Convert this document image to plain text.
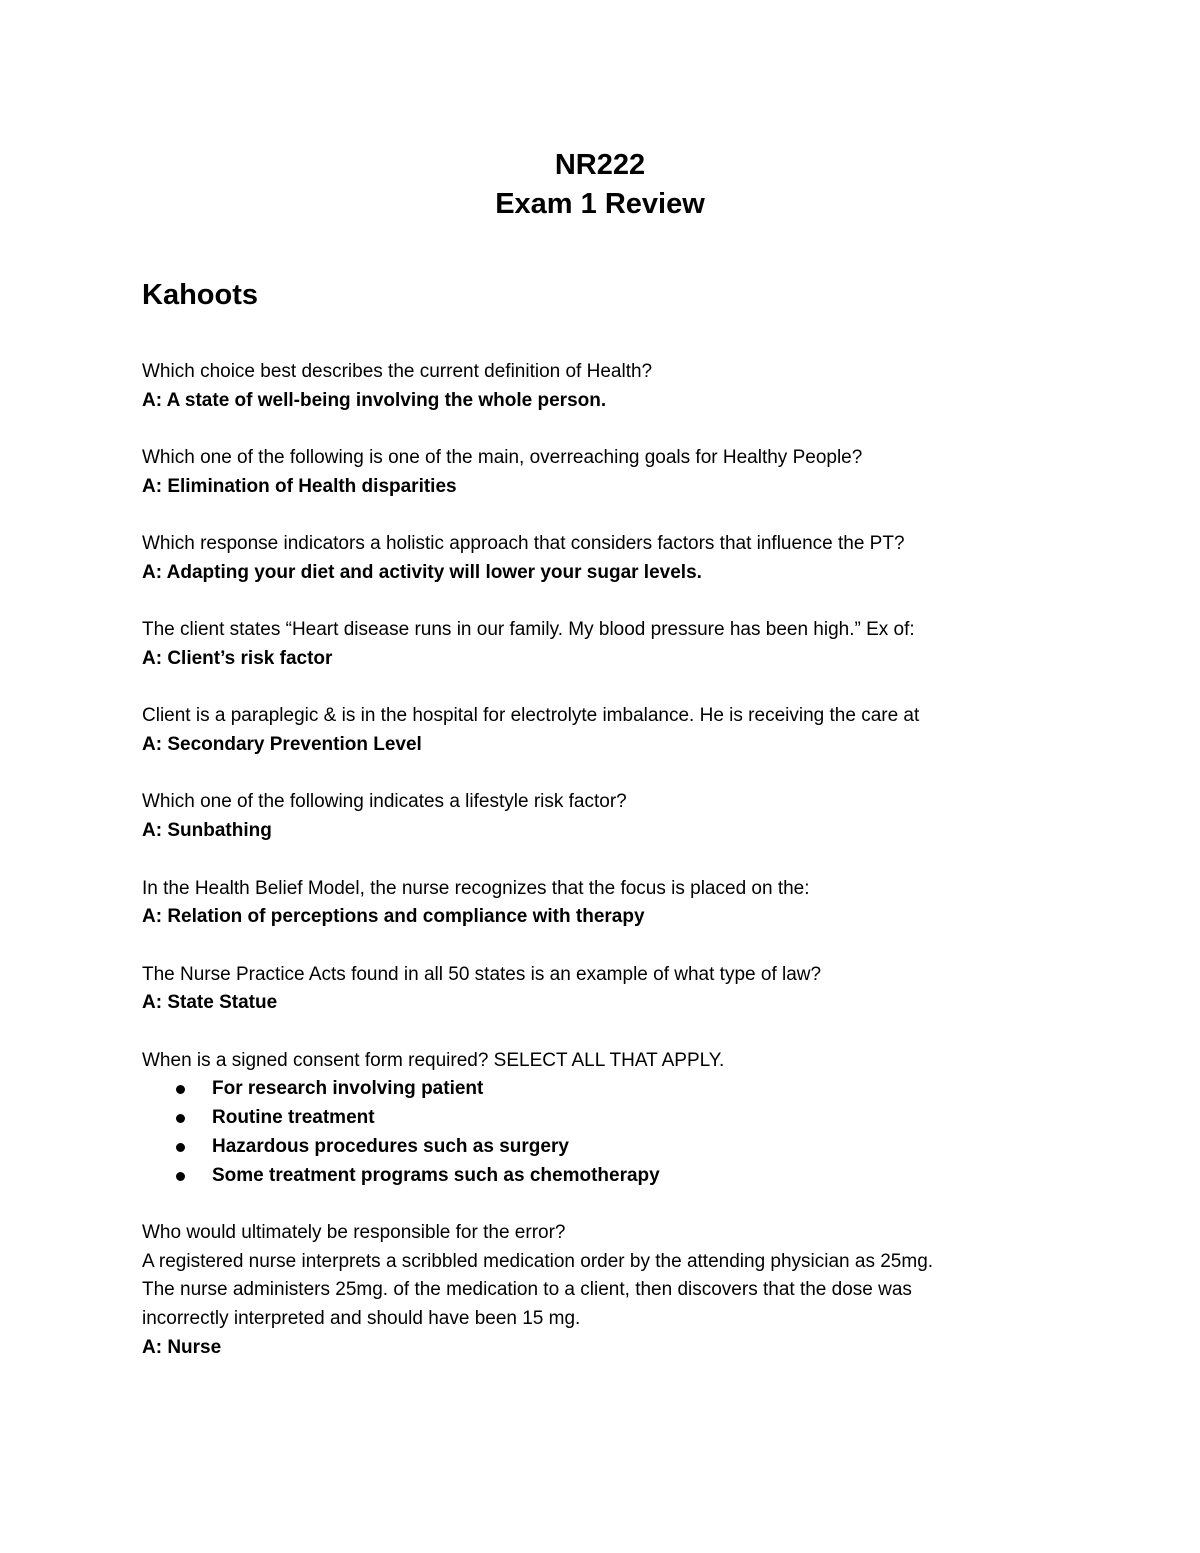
NR222
Exam 1 Review
Kahoots
Which choice best describes the current definition of Health?
A: A state of well-being involving the whole person.
Which one of the following is one of the main, overreaching goals for Healthy People?
A: Elimination of Health disparities
Which response indicators a holistic approach that considers factors that influence the PT?
A: Adapting your diet and activity will lower your sugar levels.
The client states “Heart disease runs in our family. My blood pressure has been high.” Ex of:
A: Client’s risk factor
Client is a paraplegic & is in the hospital for electrolyte imbalance. He is receiving the care at
A: Secondary Prevention Level
Which one of the following indicates a lifestyle risk factor?
A: Sunbathing
In the Health Belief Model, the nurse recognizes that the focus is placed on the:
A: Relation of perceptions and compliance with therapy
The Nurse Practice Acts found in all 50 states is an example of what type of law?
A: State Statue
When is a signed consent form required? SELECT ALL THAT APPLY.
For research involving patient
Routine treatment
Hazardous procedures such as surgery
Some treatment programs such as chemotherapy
Who would ultimately be responsible for the error?
A registered nurse interprets a scribbled medication order by the attending physician as 25mg.
The nurse administers 25mg. of the medication to a client, then discovers that the dose was
incorrectly interpreted and should have been 15 mg.
A: Nurse
